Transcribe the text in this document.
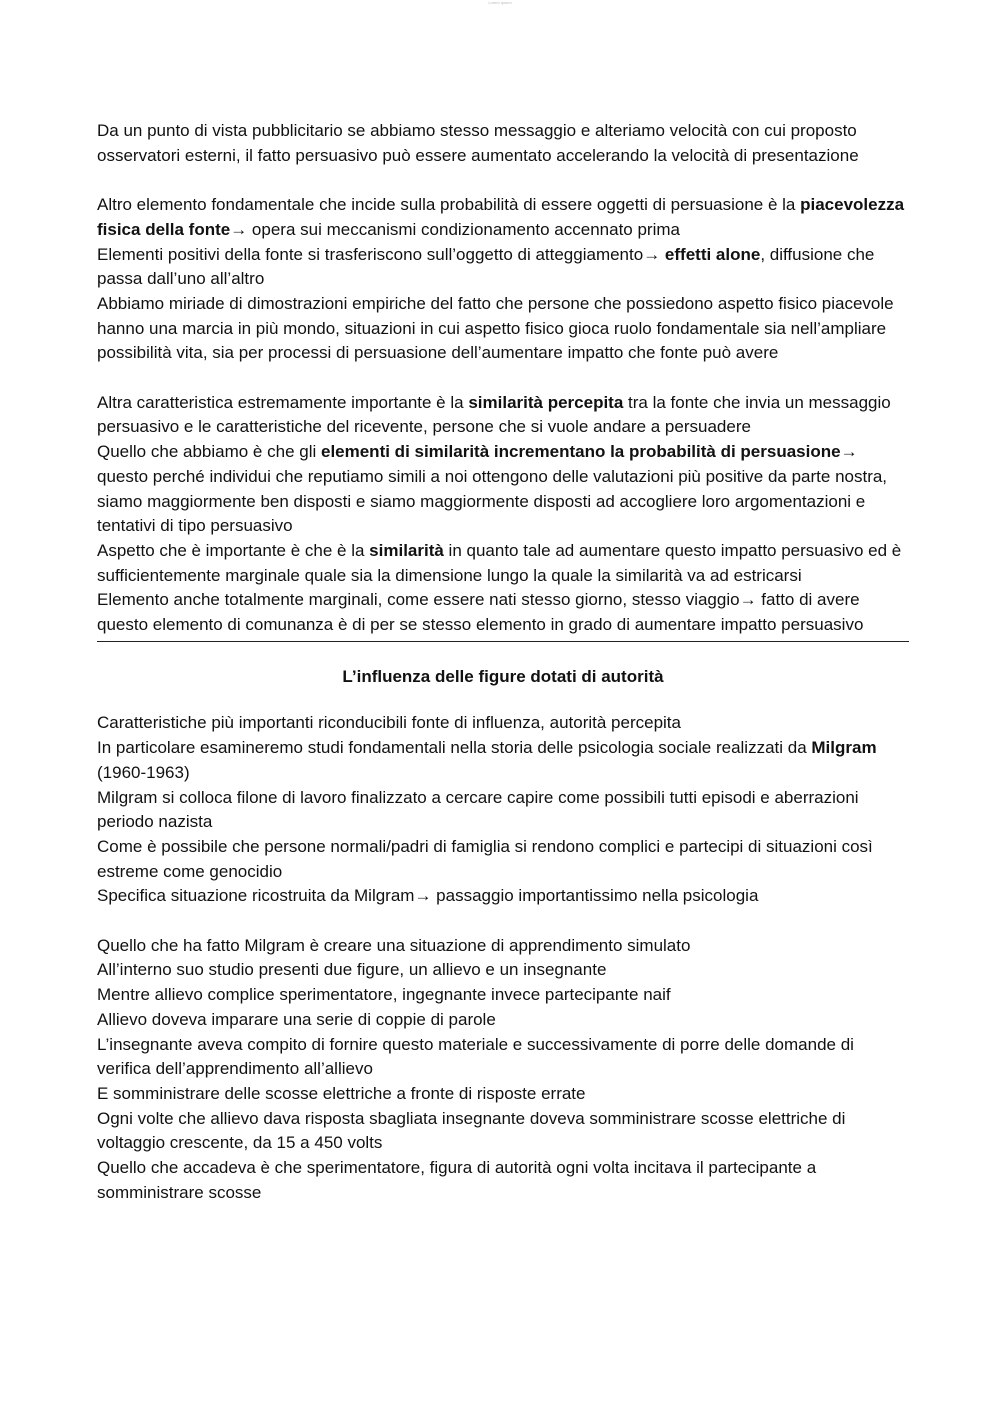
Lorem Ipsum

Da un punto di vista pubblicitario se abbiamo stesso messaggio e alteriamo velocità con cui proposto osservatori esterni, il fatto persuasivo può essere aumentato accelerando la velocità di presentazione

Altro elemento fondamentale che incide sulla probabilità di essere oggetti di persuasione è la piacevolezza fisica della fonte→ opera sui meccanismi condizionamento accennato prima

Elementi positivi della fonte si trasferiscono sull’oggetto di atteggiamento→ effetti alone, diffusione che passa dall’uno all’altro

Abbiamo miriade di dimostrazioni empiriche del fatto che persone che possiedono aspetto fisico piacevole hanno una marcia in più mondo, situazioni in cui aspetto fisico gioca ruolo fondamentale sia nell’ampliare possibilità vita, sia per processi di persuasione dell’aumentare impatto che fonte può avere

Altra caratteristica estremamente importante è la similarità percepita tra la fonte che invia un messaggio persuasivo e le caratteristiche del ricevente, persone che si vuole andare a persuadere

Quello che abbiamo è che gli elementi di similarità incrementano la probabilità di persuasione→ questo perché individui che reputiamo simili a noi ottengono delle valutazioni più positive da parte nostra, siamo maggiormente ben disposti e siamo maggiormente disposti ad accogliere loro argomentazioni e tentativi di tipo persuasivo

Aspetto che è importante è che è la similarità in quanto tale ad aumentare questo impatto persuasivo ed è sufficientemente marginale quale sia la dimensione lungo la quale la similarità va ad estricarsi

Elemento anche totalmente marginali, come essere nati stesso giorno, stesso viaggio→ fatto di avere questo elemento di comunanza è di per se stesso elemento in grado di aumentare impatto persuasivo

L’influenza delle figure dotati di autorità

Caratteristiche più importanti riconducibili fonte di influenza, autorità percepita

In particolare esamineremo studi fondamentali nella storia delle psicologia sociale realizzati da Milgram (1960-1963)

Milgram si colloca filone di lavoro finalizzato a cercare capire come possibili tutti episodi e aberrazioni periodo nazista

Come è possibile che persone normali/padri di famiglia si rendono complici e partecipi di situazioni così estreme come genocidio

Specifica situazione ricostruita da Milgram→ passaggio importantissimo nella psicologia

Quello che ha fatto Milgram è creare una situazione di apprendimento simulato

All’interno suo studio presenti due figure, un allievo e un insegnante

Mentre allievo complice sperimentatore, ingegnante invece partecipante naif

Allievo doveva imparare una serie di coppie di parole

L’insegnante aveva compito di fornire questo materiale e successivamente di porre delle domande di verifica dell’apprendimento all’allievo

E somministrare delle scosse elettriche a fronte di risposte errate

Ogni volte che allievo dava risposta sbagliata insegnante doveva somministrare scosse elettriche di voltaggio crescente, da 15 a 450 volts

Quello che accadeva è che sperimentatore, figura di autorità ogni volta incitava il partecipante a somministrare scosse
